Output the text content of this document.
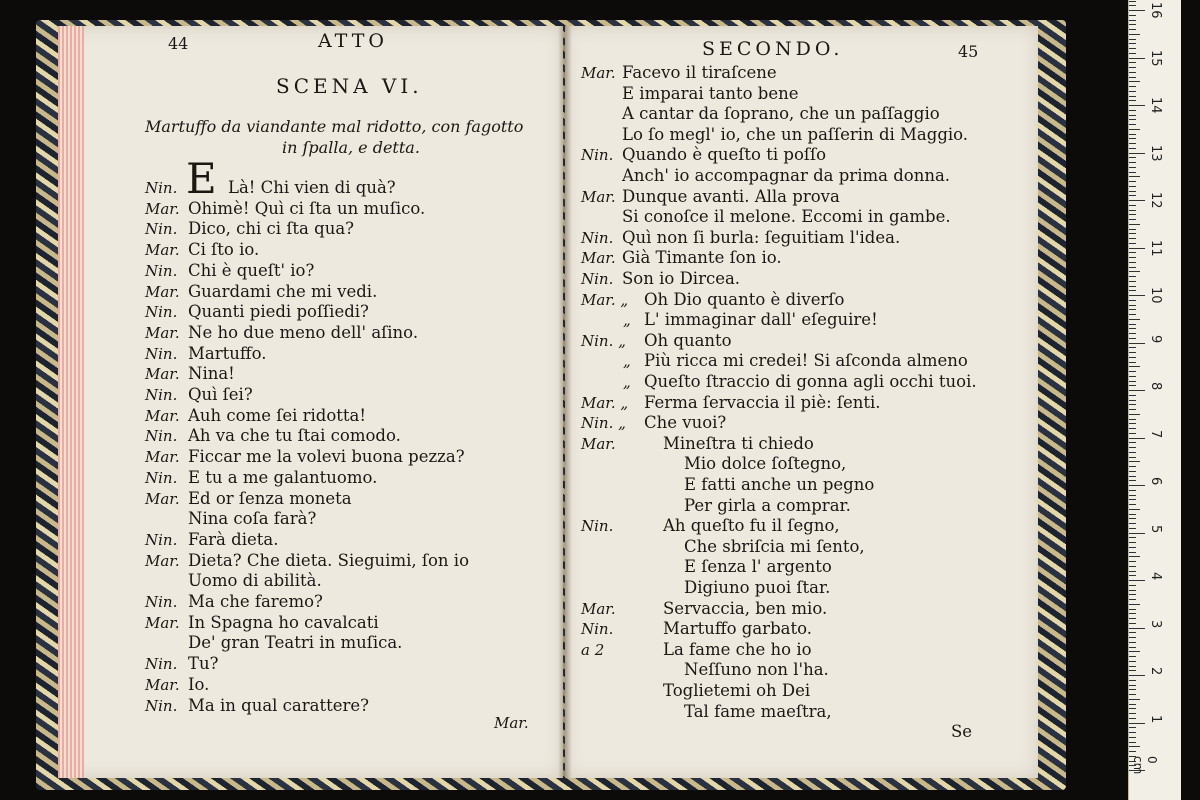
44	ATTO
SCENA VI.
Martuffo da viandante mal ridotto, con fagotto
in ſpalla, e detta.
E
Nin.	Là! Chi vien di quà?
Mar. Ohimè! Quì ci ſta un muſico.
Nin. Dico, chi ci ſta qua?
Mar. Ci ſto io.
Nin. Chi è queſt' io?
Mar. Guardami che mi vedi.
Nin. Quanti piedi poſſiedi?
Mar. Ne ho due meno dell' aſino.
Nin. Martuffo.
Mar. Nina!
Nin. Quì ſei?
Mar. Auh come ſei ridotta!
Nin. Ah va che tu ſtai comodo.
Mar. Ficcar me la volevi buona pezza?
Nin. E tu a me galantuomo.
Mar. Ed or ſenza moneta
Nina coſa farà?
Nin. Farà dieta.
Mar. Dieta? Che dieta. Sieguimi, ſon io
Uomo di abilità.
Nin. Ma che faremo?
Mar. In Spagna ho cavalcati
De' gran Teatri in muſica.
Nin. Tu?
Mar. Io.
Nin. Ma in qual carattere?
Mar.
SECONDO.	45
Mar. Facevo il tiraſcene
E imparai tanto bene
A cantar da ſoprano, che un paſſaggio
Lo ſo megl' io, che un paſſerin di Maggio.
Nin. Quando è queſto ti poſſo
Anch' io accompagnar da prima donna.
Mar. Dunque avanti. Alla prova
Si conoſce il melone. Eccomi in gambe.
Nin. Quì non ſi burla: ſeguitiam l'idea.
Mar. Già Timante ſon io.
Nin. Son io Dircea.
Mar. „ Oh Dio quanto è diverſo
„ L' immaginar dall' eſeguire!
Nin. „ Oh quanto
„ Più ricca mi credei! Si aſconda almeno
„ Queſto ſtraccio di gonna agli occhi tuoi.
Mar. „ Ferma ſervaccia il piè: ſenti.
Nin. „ Che vuoi?
Mar.	Mineſtra ti chiedo
Mio dolce ſoſtegno,
E fatti anche un pegno
Per girla a comprar.
Nin.	Ah queſto fu il ſegno,
Che sbriſcia mi ſento,
E ſenza l' argento
Digiuno puoi ſtar.
Mar.	Servaccia, ben mio.
Nin.	Martuffo garbato.
a 2	La fame che ho io
Neſſuno non l'ha.
Toglietemi oh Dei
Tal fame maeſtra,
Se
16
15
14
13
12
11
10
9
8
7
6
5
4
3
2
1
0 cm
